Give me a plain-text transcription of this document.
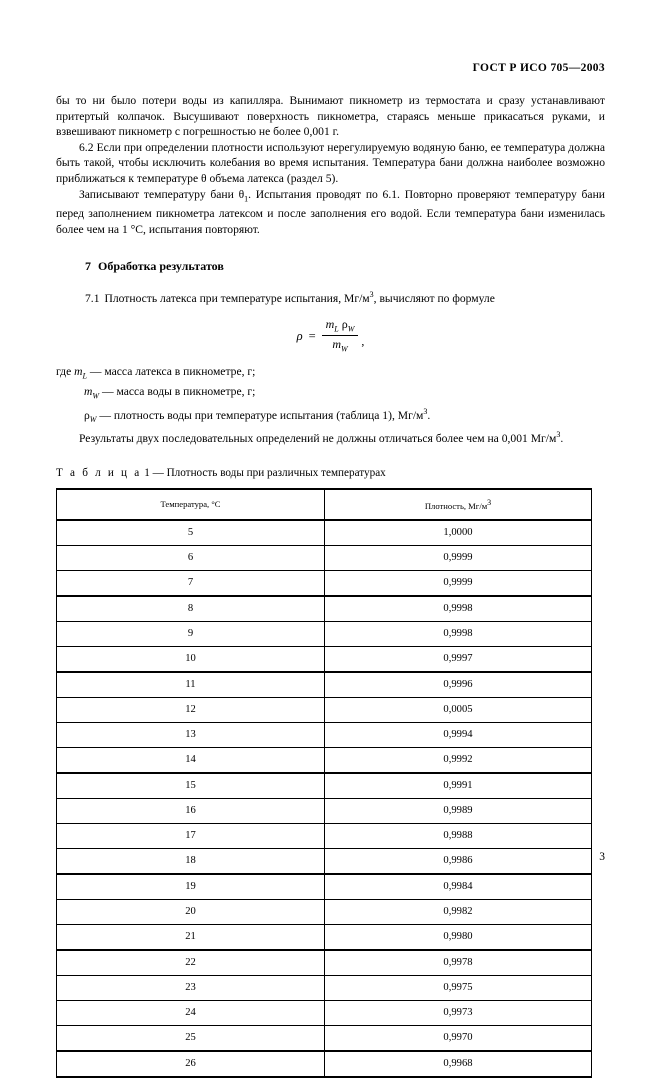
ГОСТ Р ИСО 705—2003

бы то ни было потери воды из капилляра. Вынимают пикнометр из термостата и сразу устанавливают притертый колпачок. Высушивают поверхность пикнометра, стараясь меньше прикасаться руками, и взвешивают пикнометр с погрешностью не более 0,001 г.

6.2 Если при определении плотности используют нерегулируемую водяную баню, ее температура должна быть такой, чтобы исключить колебания во время испытания. Температура бани должна наиболее возможно приближаться к температуре θ объема латекса (раздел 5).

Записывают температуру бани $\theta_1$. Испытания проводят по 6.1. Повторно проверяют температуру бани перед заполнением пикнометра латексом и после заполнения его водой. Если температура бани изменилась более чем на 1 °С, испытания повторяют.

7 Обработка результатов

7.1 Плотность латекса при температуре испытания, $Мг/м^3$, вычисляют по формуле

$\rho = \frac{m_L \rho_W}{m_W}$ ,
где $m_L$ — масса латекса в пикнометре, г;
$m_W$ — масса воды в пикнометре, г;
$\rho_W$ — плотность воды при температуре испытания (таблица 1), $Мг/м^3$.

Результаты двух последовательных определений не должны отличаться более чем на 0,001 $Мг/м^3$.

Т а б л и ц а 1 — Плотность воды при различных температурах

Температура, °С	Плотность, Мг/м3
5	1,0000
6	0,9999
7	0,9999
8	0,9998
9	0,9998
10	0,9997
11	0,9996
12	0,0005
13	0,9994
14	0,9992
15	0,9991
16	0,9989
17	0,9988
18	0,9986
19	0,9984
20	0,9982
21	0,9980
22	0,9978
23	0,9975
24	0,9973
25	0,9970
26	0,9968
3
